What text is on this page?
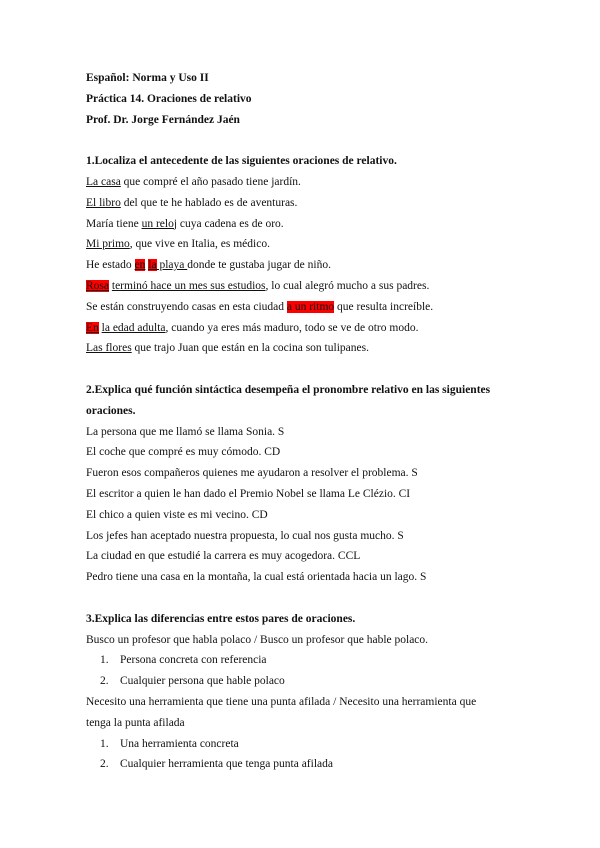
Español: Norma y Uso II
Práctica 14. Oraciones de relativo
Prof. Dr. Jorge Fernández Jaén
1.Localiza el antecedente de las siguientes oraciones de relativo.
La casa que compré el año pasado tiene jardín.
El libro del que te he hablado es de aventuras.
María tiene un reloj cuya cadena es de oro.
Mi primo, que vive en Italia, es médico.
He estado en la playa donde te gustaba jugar de niño.
Rosa terminó hace un mes sus estudios, lo cual alegró mucho a sus padres.
Se están construyendo casas en esta ciudad a un ritmo que resulta increíble.
En la edad adulta, cuando ya eres más maduro, todo se ve de otro modo.
Las flores que trajo Juan que están en la cocina son tulipanes.
2.Explica qué función sintáctica desempeña el pronombre relativo en las siguientes
oraciones.
La persona que me llamó se llama Sonia. S
El coche que compré es muy cómodo. CD
Fueron esos compañeros quienes me ayudaron a resolver el problema. S
El escritor a quien le han dado el Premio Nobel se llama Le Clézio. CI
El chico a quien viste es mi vecino. CD
Los jefes han aceptado nuestra propuesta, lo cual nos gusta mucho. S
La ciudad en que estudié la carrera es muy acogedora. CCL
Pedro tiene una casa en la montaña, la cual está orientada hacia un lago. S
3.Explica las diferencias entre estos pares de oraciones.
Busco un profesor que habla polaco / Busco un profesor que hable polaco.
1. Persona concreta con referencia
2. Cualquier persona que hable polaco
Necesito una herramienta que tiene una punta afilada / Necesito una herramienta que
tenga la punta afilada
1. Una herramienta concreta
2. Cualquier herramienta que tenga punta afilada
